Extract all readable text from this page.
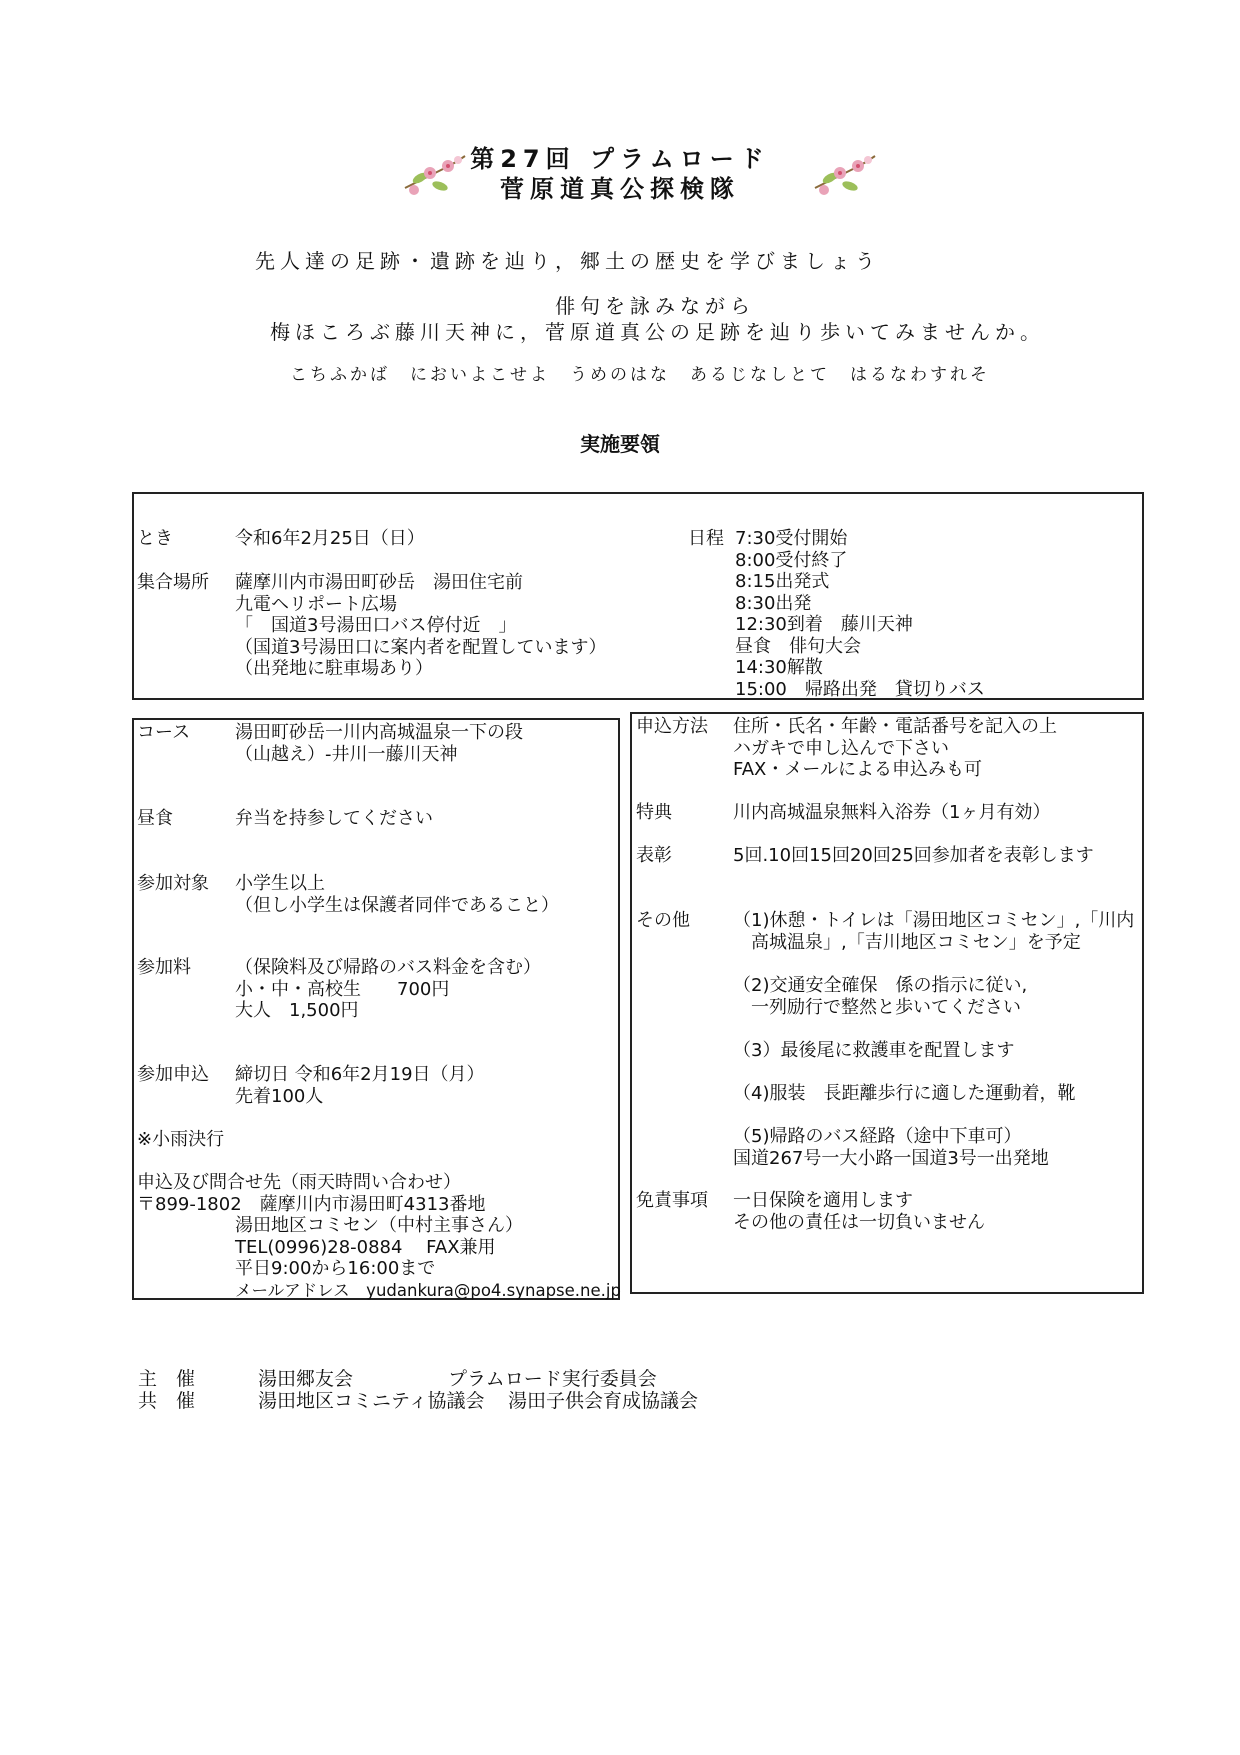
第27回 プラムロード
菅原道真公探検隊
先人達の足跡・遺跡を辿り，郷土の歴史を学びましょう
俳句を詠みながら
梅ほころぶ藤川天神に，菅原道真公の足跡を辿り歩いてみませんか。
こちふかば　においよこせよ　うめのはな　あるじなしとて　はるなわすれそ
実施要領
とき	令和6年2月25日（日）
集合場所 薩摩川内市湯田町砂岳　湯田住宅前
九電ヘリポート広場
「　国道3号湯田口バス停付近　」
（国道3号湯田口に案内者を配置しています）
（出発地に駐車場あり）
日程 7:30受付開始
8:00受付終了
8:15出発式
8:30出発
12:30到着　藤川天神
昼食　俳句大会
14:30解散
15:00　帰路出発　貸切りバス
コース 湯田町砂岳一川内高城温泉一下の段
（山越え）-井川一藤川天神
昼食	弁当を持参してください
参加対象 小学生以上
（但し小学生は保護者同伴であること）
参加料 （保険料及び帰路のバス料金を含む）
小・中・高校生　　700円
大人　1,500円
参加申込 締切日 令和6年2月19日（月）
先着100人
※小雨決行
申込及び問合せ先（雨天時問い合わせ）
〒899-1802　薩摩川内市湯田町4313番地
湯田地区コミセン（中村主事さん）
TEL(0996)28-0884　 FAX兼用
平日9:00から16:00まで
メールアドレス　yudankura@po4.synapse.ne.jp
申込方法 住所・氏名・年齢・電話番号を記入の上
ハガキで申し込んで下さい
FAX・メールによる申込みも可
特典	川内高城温泉無料入浴券（1ヶ月有効）
表彰	5回.10回15回20回25回参加者を表彰します
その他 （1)休憩・トイレは「湯田地区コミセン」,「川内
　高城温泉」,「吉川地区コミセン」を予定
（2)交通安全確保　係の指示に従い,
　一列励行で整然と歩いてください
（3）最後尾に救護車を配置します
（4)服装　長距離歩行に適した運動着，靴
（5)帰路のバス経路（途中下車可）
国道267号一大小路一国道3号一出発地
免責事項 一日保険を適用します
その他の責任は一切負いません
主　催	湯田郷友会	プラムロード実行委員会
共　催	湯田地区コミニティ協議会 湯田子供会育成協議会
